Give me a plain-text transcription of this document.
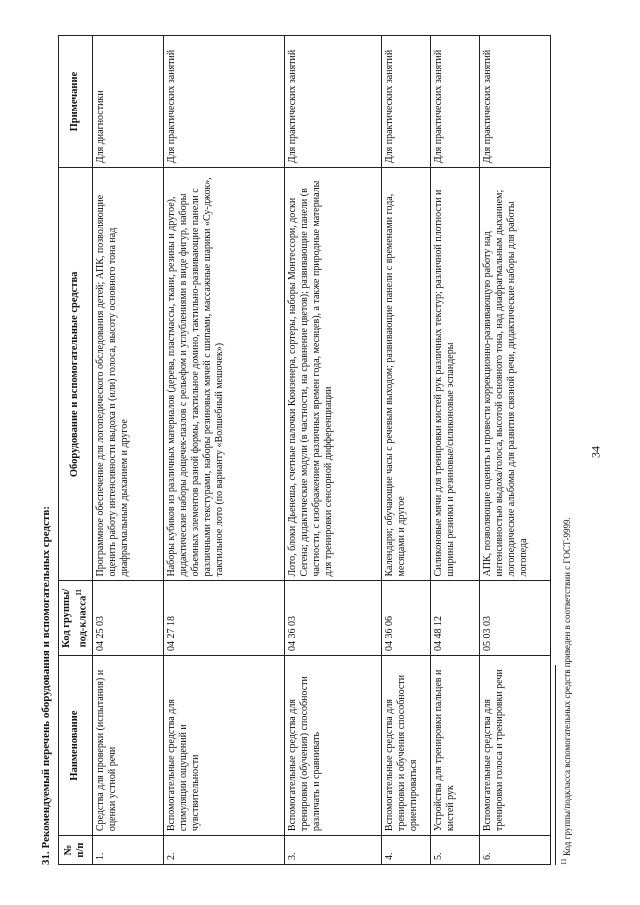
34
31. Рекомендуемый перечень оборудования и вспомогательных средств: № п/п	Наименование	Код группы/под-класса$^{11}$	Оборудование и вспомогательные средства	Примечание
1.	Средства для проверки (испытания) и оценки устной речи	04 25 03	Программное обеспечение для логопедического обследования детей; АПК, позволяющие оценить работу интенсивности выдоха и (или) голоса, высоту основного тона над диафрагмальным дыханием и другое	Для диагностики
2.	Вспомогательные средства для стимуляции ощущений и чувствительности	04 27 18	Наборы кубиков из различных материалов (дерева, пластмассы, ткани, резины и другое), дидактические наборы дощечек-пазлов с рельефом и углублениями в виде фигур, наборы объемных элементов разной формы, тактильное домино, тактильно-развивающие панели с различными текстурами, наборы резиновых мячей с шипами, массажные шарики «Су-джок», тактильное лото (по варианту «Волшебный мешочек»)	Для практических занятий
3.	Вспомогательные средства для тренировки (обучения) способности различать и сравнивать	04 36 03	Лото, блоки Дьенеша, счетные палочки Кюизенера, сортеры, наборы Монтессори, доски Сегена; дидактические модули (в частности, на сравнение цветов); развивающие панели (в частности, с изображением различных времен года, месяцев), а также природные материалы для тренировки сенсорной дифференциации	Для практических занятий
4.	Вспомогательные средства для тренировки и обучения способности ориентироваться	04 36 06	Календари; обучающие часы с речевым выходом; развивающие панели с временами года, месяцами и другое	Для практических занятий
5.	Устройства для тренировки пальцев и кистей рук	04 48 12	Силиконовые мячи для тренировки кистей рук различных текстур; различной плотности и ширины резинки и резиновые/силиконовые эспандеры	Для практических занятий
6.	Вспомогательные средства для тренировки голоса и тренировки речи	05 03 03	АПК, позволяющие оценить и провести коррекционно-развивающую работу над интенсивностью выдоха/голоса, высотой основного тона, над диафрагмальным дыханием; логопедические альбомы для развития связной речи, дидактические наборы для работы логопеда	Для практических занятий
$^{11}$ Код группы/подкласса вспомогательных средств приведен в соответствии с ГОСТ-9999.
